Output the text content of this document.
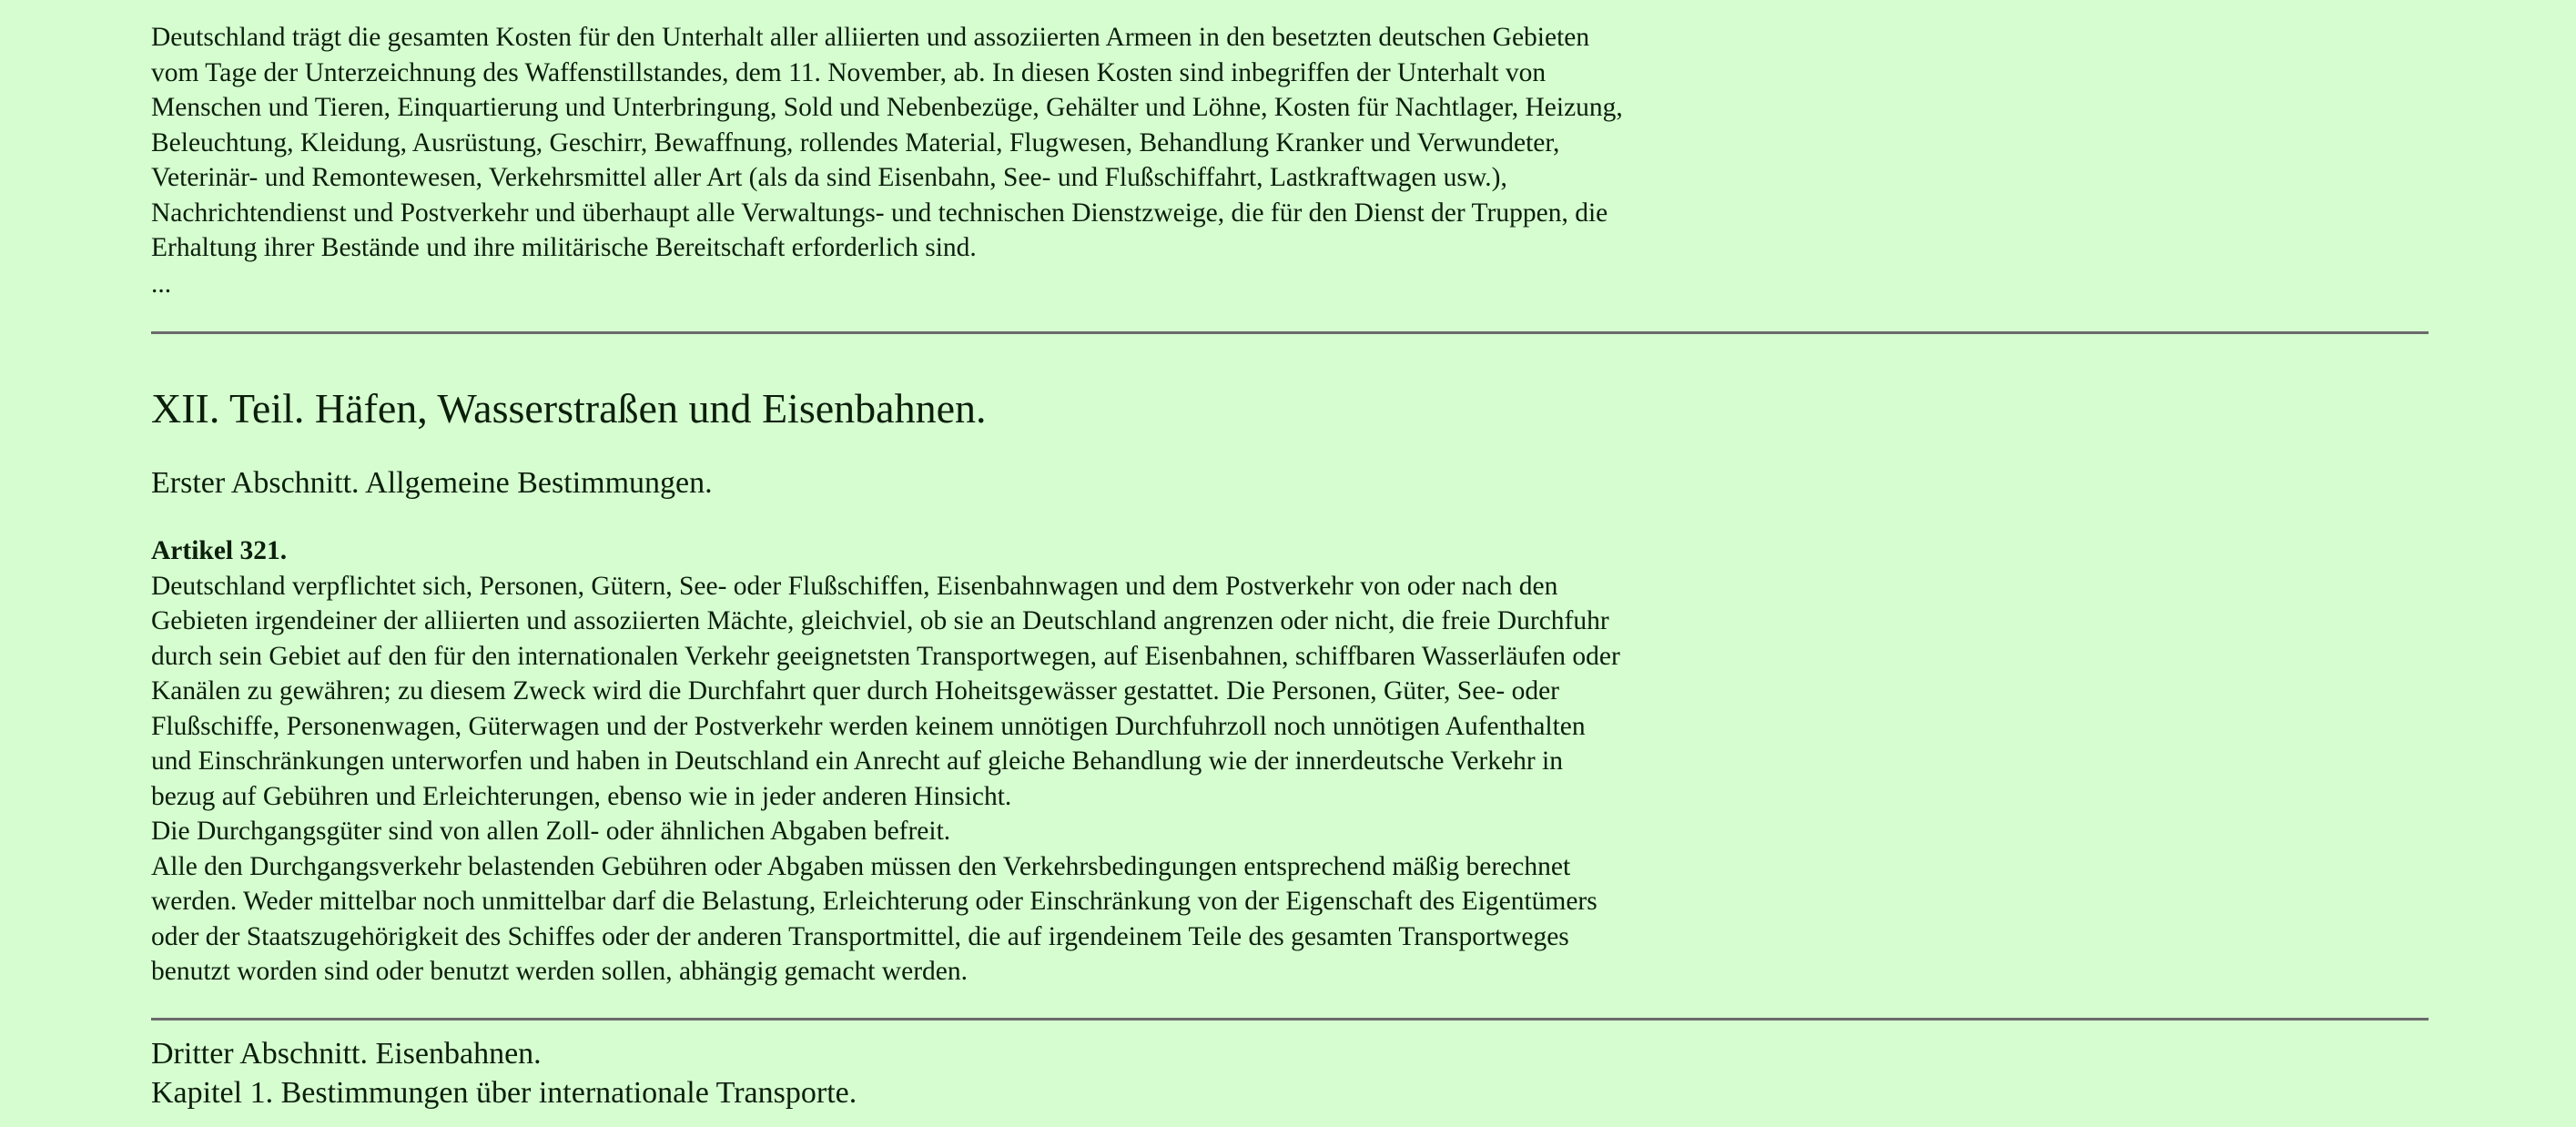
Deutschland trägt die gesamten Kosten für den Unterhalt aller alliierten und assoziierten Armeen in den besetzten deutschen Gebieten
vom Tage der Unterzeichnung des Waffenstillstandes, dem 11. November, ab. In diesen Kosten sind inbegriffen der Unterhalt von
Menschen und Tieren, Einquartierung und Unterbringung, Sold und Nebenbezüge, Gehälter und Löhne, Kosten für Nachtlager, Heizung,
Beleuchtung, Kleidung, Ausrüstung, Geschirr, Bewaffnung, rollendes Material, Flugwesen, Behandlung Kranker und Verwundeter,
Veterinär- und Remontewesen, Verkehrsmittel aller Art (als da sind Eisenbahn, See- und Flußschiffahrt, Lastkraftwagen usw.),
Nachrichtendienst und Postverkehr und überhaupt alle Verwaltungs- und technischen Dienstzweige, die für den Dienst der Truppen, die
Erhaltung ihrer Bestände und ihre militärische Bereitschaft erforderlich sind.
...
XII. Teil. Häfen, Wasserstraßen und Eisenbahnen.
Erster Abschnitt. Allgemeine Bestimmungen.
Artikel 321.
Deutschland verpflichtet sich, Personen, Gütern, See- oder Flußschiffen, Eisenbahnwagen und dem Postverkehr von oder nach den
Gebieten irgendeiner der alliierten und assoziierten Mächte, gleichviel, ob sie an Deutschland angrenzen oder nicht, die freie Durchfuhr
durch sein Gebiet auf den für den internationalen Verkehr geeignetsten Transportwegen, auf Eisenbahnen, schiffbaren Wasserläufen oder
Kanälen zu gewähren; zu diesem Zweck wird die Durchfahrt quer durch Hoheitsgewässer gestattet. Die Personen, Güter, See- oder
Flußschiffe, Personenwagen, Güterwagen und der Postverkehr werden keinem unnötigen Durchfuhrzoll noch unnötigen Aufenthalten
und Einschränkungen unterworfen und haben in Deutschland ein Anrecht auf gleiche Behandlung wie der innerdeutsche Verkehr in
bezug auf Gebühren und Erleichterungen, ebenso wie in jeder anderen Hinsicht.
Die Durchgangsgüter sind von allen Zoll- oder ähnlichen Abgaben befreit.
Alle den Durchgangsverkehr belastenden Gebühren oder Abgaben müssen den Verkehrsbedingungen entsprechend mäßig berechnet
werden. Weder mittelbar noch unmittelbar darf die Belastung, Erleichterung oder Einschränkung von der Eigenschaft des Eigentümers
oder der Staatszugehörigkeit des Schiffes oder der anderen Transportmittel, die auf irgendeinem Teile des gesamten Transportweges
benutzt worden sind oder benutzt werden sollen, abhängig gemacht werden.
Dritter Abschnitt. Eisenbahnen.
Kapitel 1. Bestimmungen über internationale Transporte.
